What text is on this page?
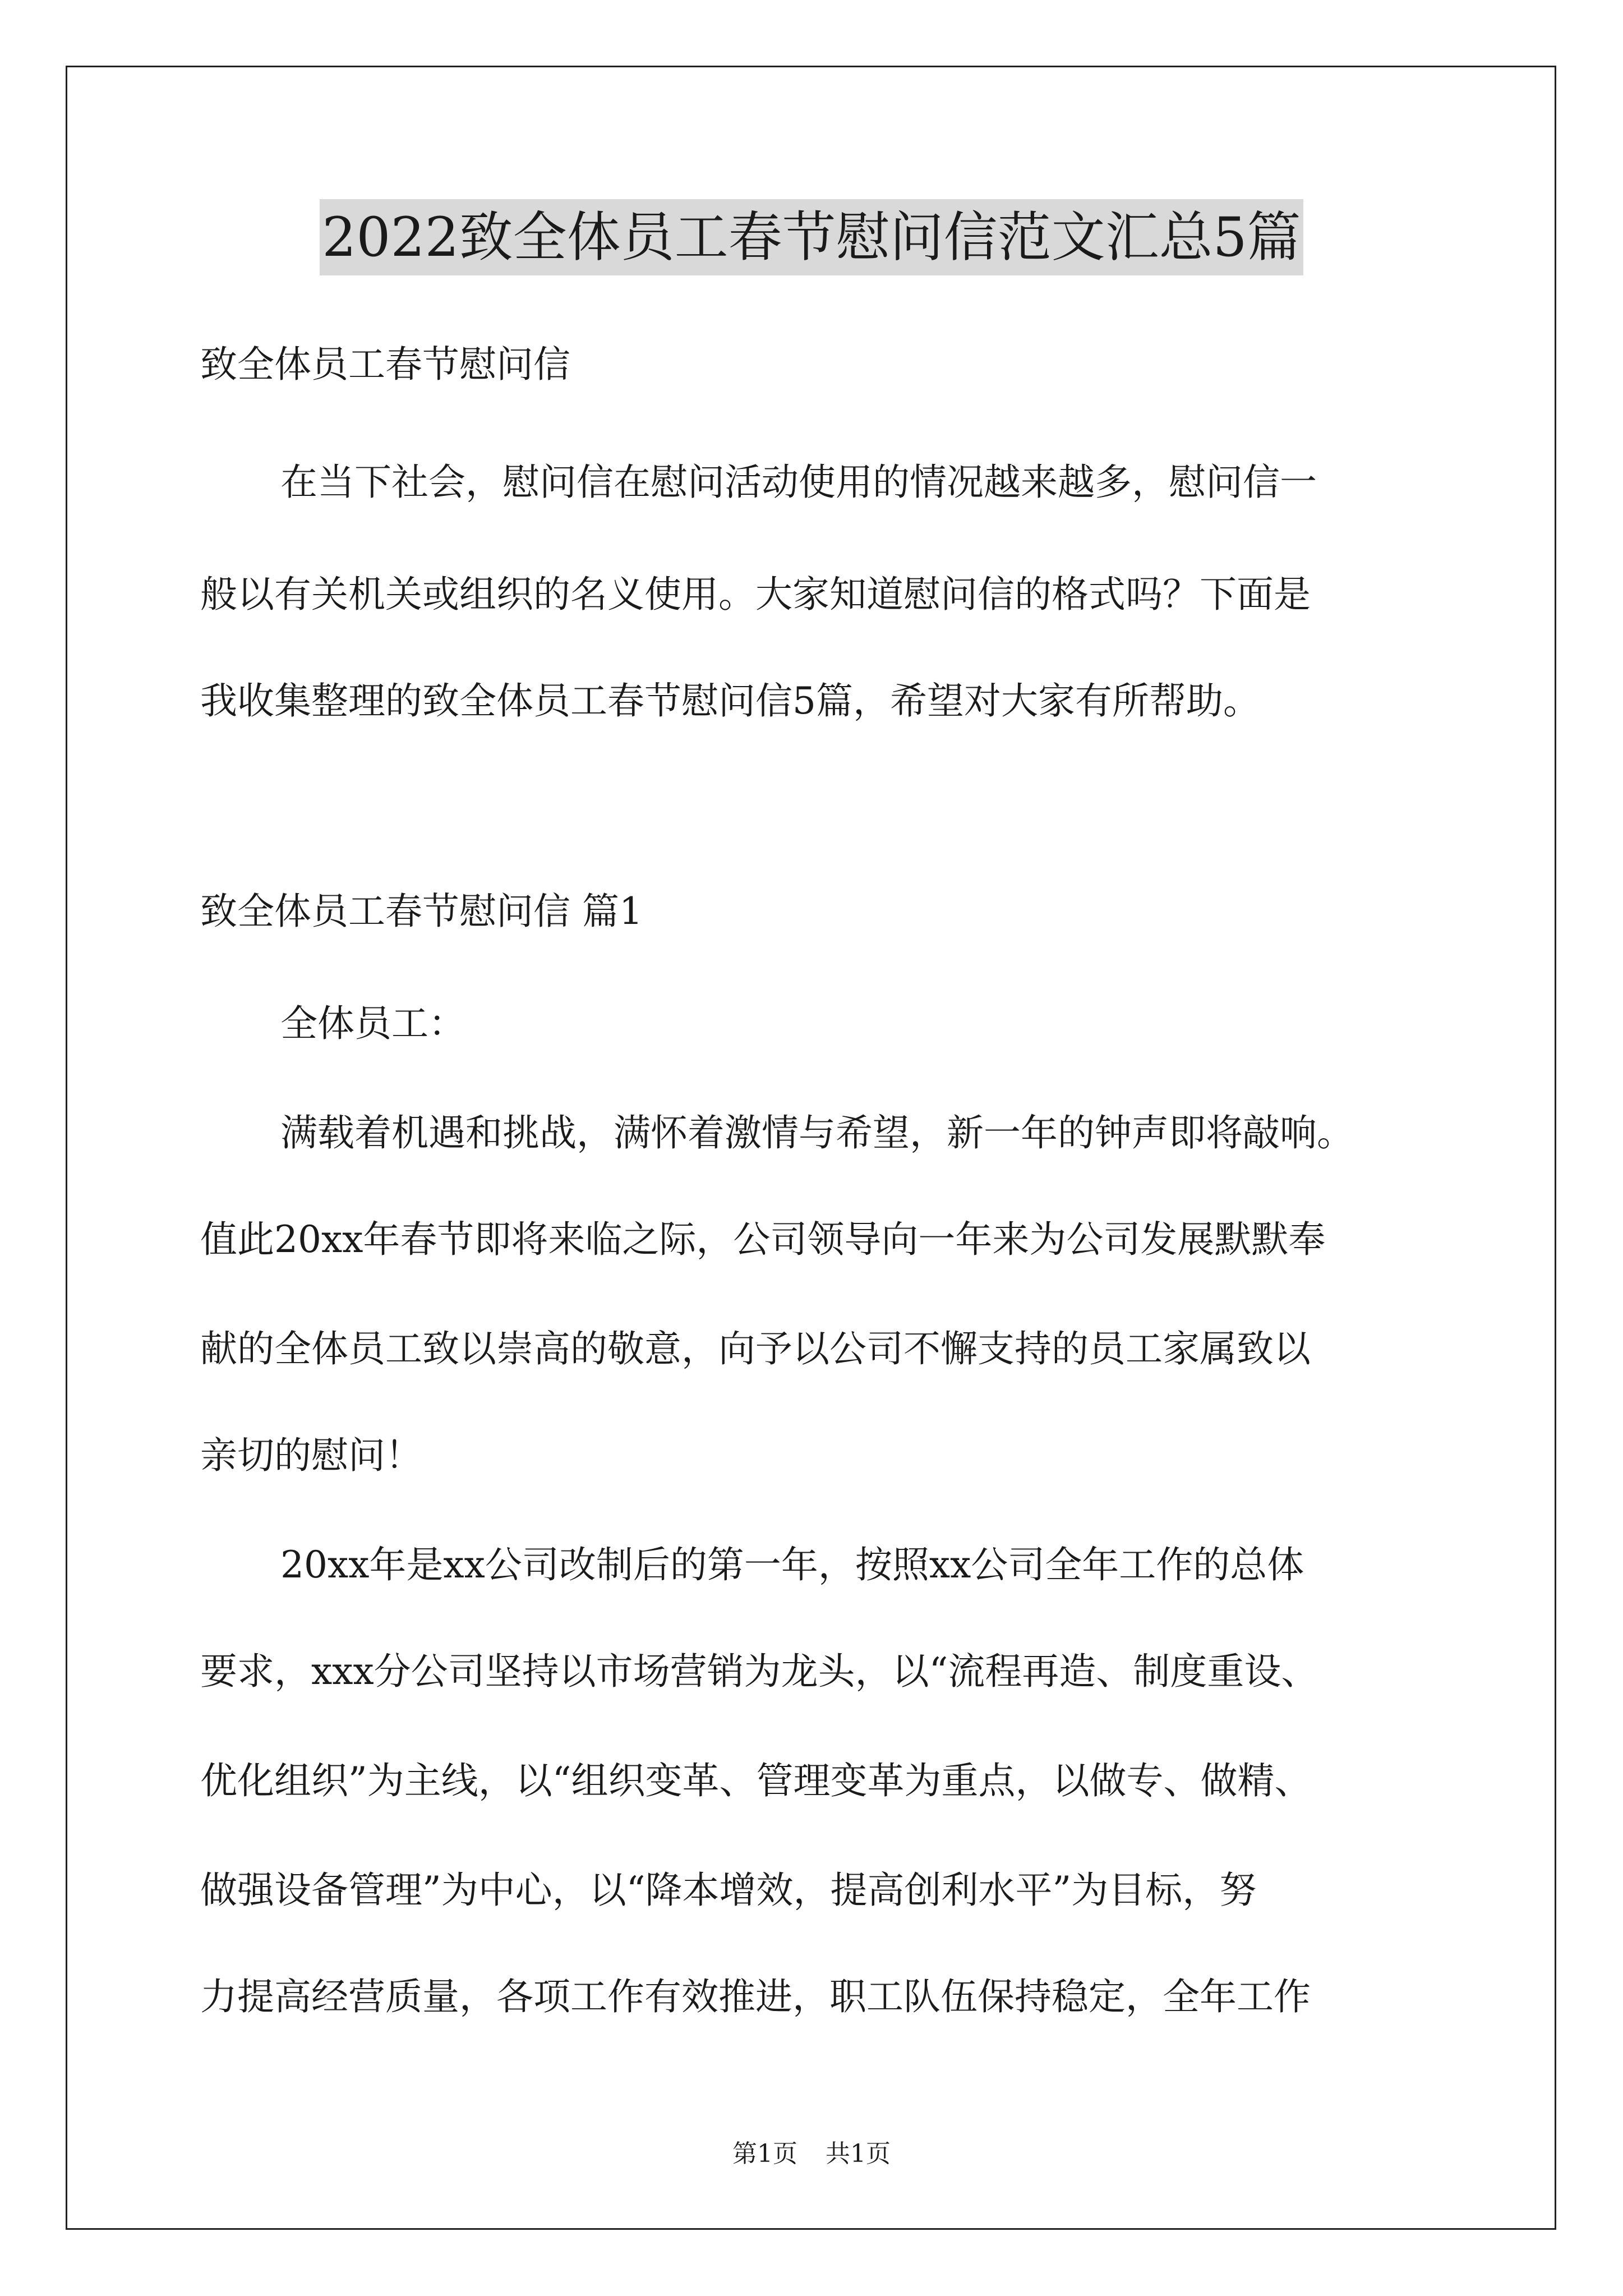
2022致全体员工春节慰问信范文汇总5篇
致全体员工春节慰问信
在当下社会，慰问信在慰问活动使用的情况越来越多，慰问信一
般以有关机关或组织的名义使用。大家知道慰问信的格式吗？下面是
我收集整理的致全体员工春节慰问信5篇，希望对大家有所帮助。
致全体员工春节慰问信 篇1
全体员工：
满载着机遇和挑战，满怀着激情与希望，新一年的钟声即将敲响。
值此20xx年春节即将来临之际，公司领导向一年来为公司发展默默奉
献的全体员工致以崇高的敬意，向予以公司不懈支持的员工家属致以
亲切的慰问！
20xx年是xx公司改制后的第一年，按照xx公司全年工作的总体
要求，xxx分公司坚持以市场营销为龙头，以“流程再造、制度重设、
优化组织”为主线，以“组织变革、管理变革为重点，以做专、做精、
做强设备管理”为中心，以“降本增效，提高创利水平”为目标，努
力提高经营质量，各项工作有效推进，职工队伍保持稳定，全年工作
第1页 共1页
